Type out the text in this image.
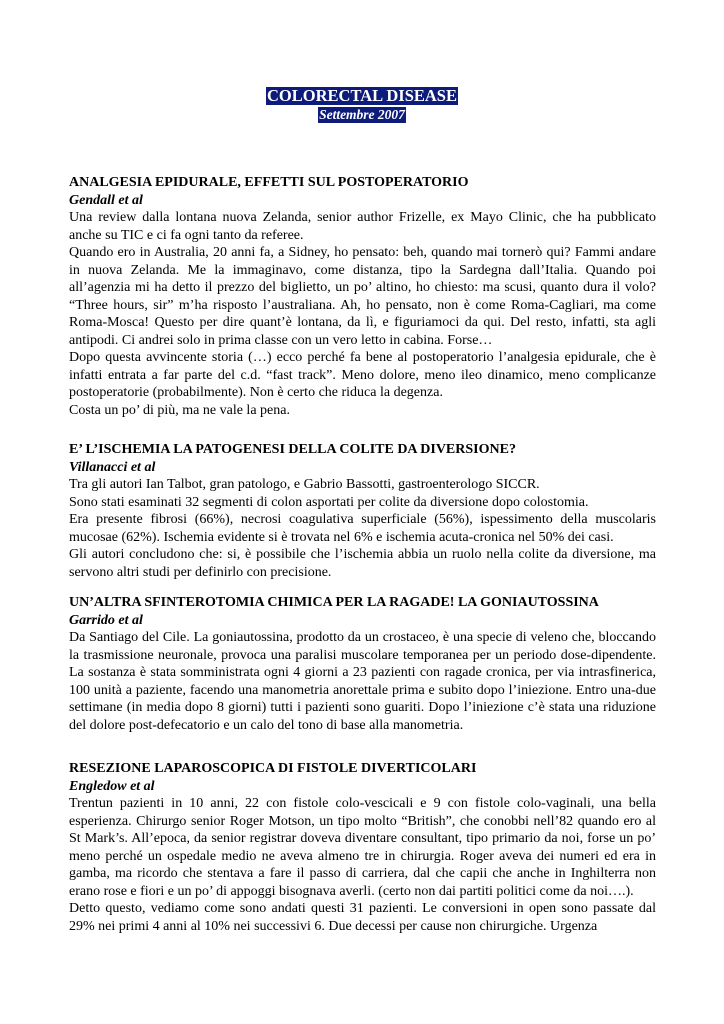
COLORECTAL DISEASE
Settembre 2007

ANALGESIA EPIDURALE, EFFETTI SUL POSTOPERATORIO

Gendall et al

Una review dalla lontana nuova Zelanda, senior author Frizelle, ex Mayo Clinic, che ha pubblicato anche su TIC e ci fa ogni tanto da referee.

Quando ero in Australia, 20 anni fa, a Sidney, ho pensato: beh, quando mai tornerò qui? Fammi andare in nuova Zelanda. Me la immaginavo, come distanza, tipo la Sardegna dall’Italia. Quando poi all’agenzia mi ha detto il prezzo del biglietto, un po’ altino, ho chiesto: ma scusi, quanto dura il volo? “Three hours, sir” m’ha risposto l’australiana. Ah, ho pensato, non è come Roma-Cagliari, ma come Roma-Mosca! Questo per dire quant’è lontana, da lì, e figuriamoci da qui. Del resto, infatti, sta agli antipodi. Ci andrei solo in prima classe con un vero letto in cabina. Forse…

Dopo questa avvincente storia (…) ecco perché fa bene al postoperatorio l’analgesia epidurale, che è infatti entrata a far parte del c.d. “fast track”. Meno dolore, meno ileo dinamico, meno complicanze postoperatorie (probabilmente). Non è certo che riduca la degenza.

Costa un po’ di più, ma ne vale la pena.

E’ L’ISCHEMIA LA PATOGENESI DELLA COLITE DA DIVERSIONE?

Villanacci et al

Tra gli autori Ian Talbot, gran patologo, e Gabrio Bassotti, gastroenterologo SICCR.

Sono stati esaminati 32 segmenti di colon asportati per colite da diversione dopo colostomia.

Era presente fibrosi (66%), necrosi coagulativa superficiale (56%), ispessimento della muscolaris mucosae (62%). Ischemia evidente si è trovata nel 6% e ischemia acuta-cronica nel 50% dei casi.

Gli autori concludono che: si, è possibile che l’ischemia abbia un ruolo nella colite da diversione, ma servono altri studi per definirlo con precisione.

UN’ALTRA SFINTEROTOMIA CHIMICA PER LA RAGADE! LA GONIAUTOSSINA

Garrido et al

Da Santiago del Cile. La goniautossina, prodotto da un crostaceo, è una specie di veleno che, bloccando la trasmissione neuronale, provoca una paralisi muscolare temporanea per un periodo dose-dipendente. La sostanza è stata somministrata ogni 4 giorni a 23 pazienti con ragade cronica, per via intrasfinerica, 100 unità a paziente, facendo una manometria anorettale prima e subito dopo l’iniezione. Entro una-due settimane (in media dopo 8 giorni) tutti i pazienti sono guariti. Dopo l’iniezione c’è stata una riduzione del dolore post-defecatorio e un calo del tono di base alla manometria.

RESEZIONE LAPAROSCOPICA DI FISTOLE DIVERTICOLARI

Engledow et al

Trentun pazienti in 10 anni, 22 con fistole colo-vescicali e 9 con fistole colo-vaginali, una bella esperienza. Chirurgo senior Roger Motson, un tipo molto “British”, che conobbi nell’82 quando ero al St Mark’s. All’epoca, da senior registrar doveva diventare consultant, tipo primario da noi, forse un po’ meno perché un ospedale medio ne aveva almeno tre in chirurgia. Roger aveva dei numeri ed era in gamba, ma ricordo che stentava a fare il passo di carriera, dal che capii che anche in Inghilterra non erano rose e fiori e un po’ di appoggi bisognava averli. (certo non dai partiti politici come da noi….).

Detto questo, vediamo come sono andati questi 31 pazienti. Le conversioni in open sono passate dal 29% nei primi 4 anni al 10% nei successivi 6. Due decessi per cause non chirurgiche. Urgenza
